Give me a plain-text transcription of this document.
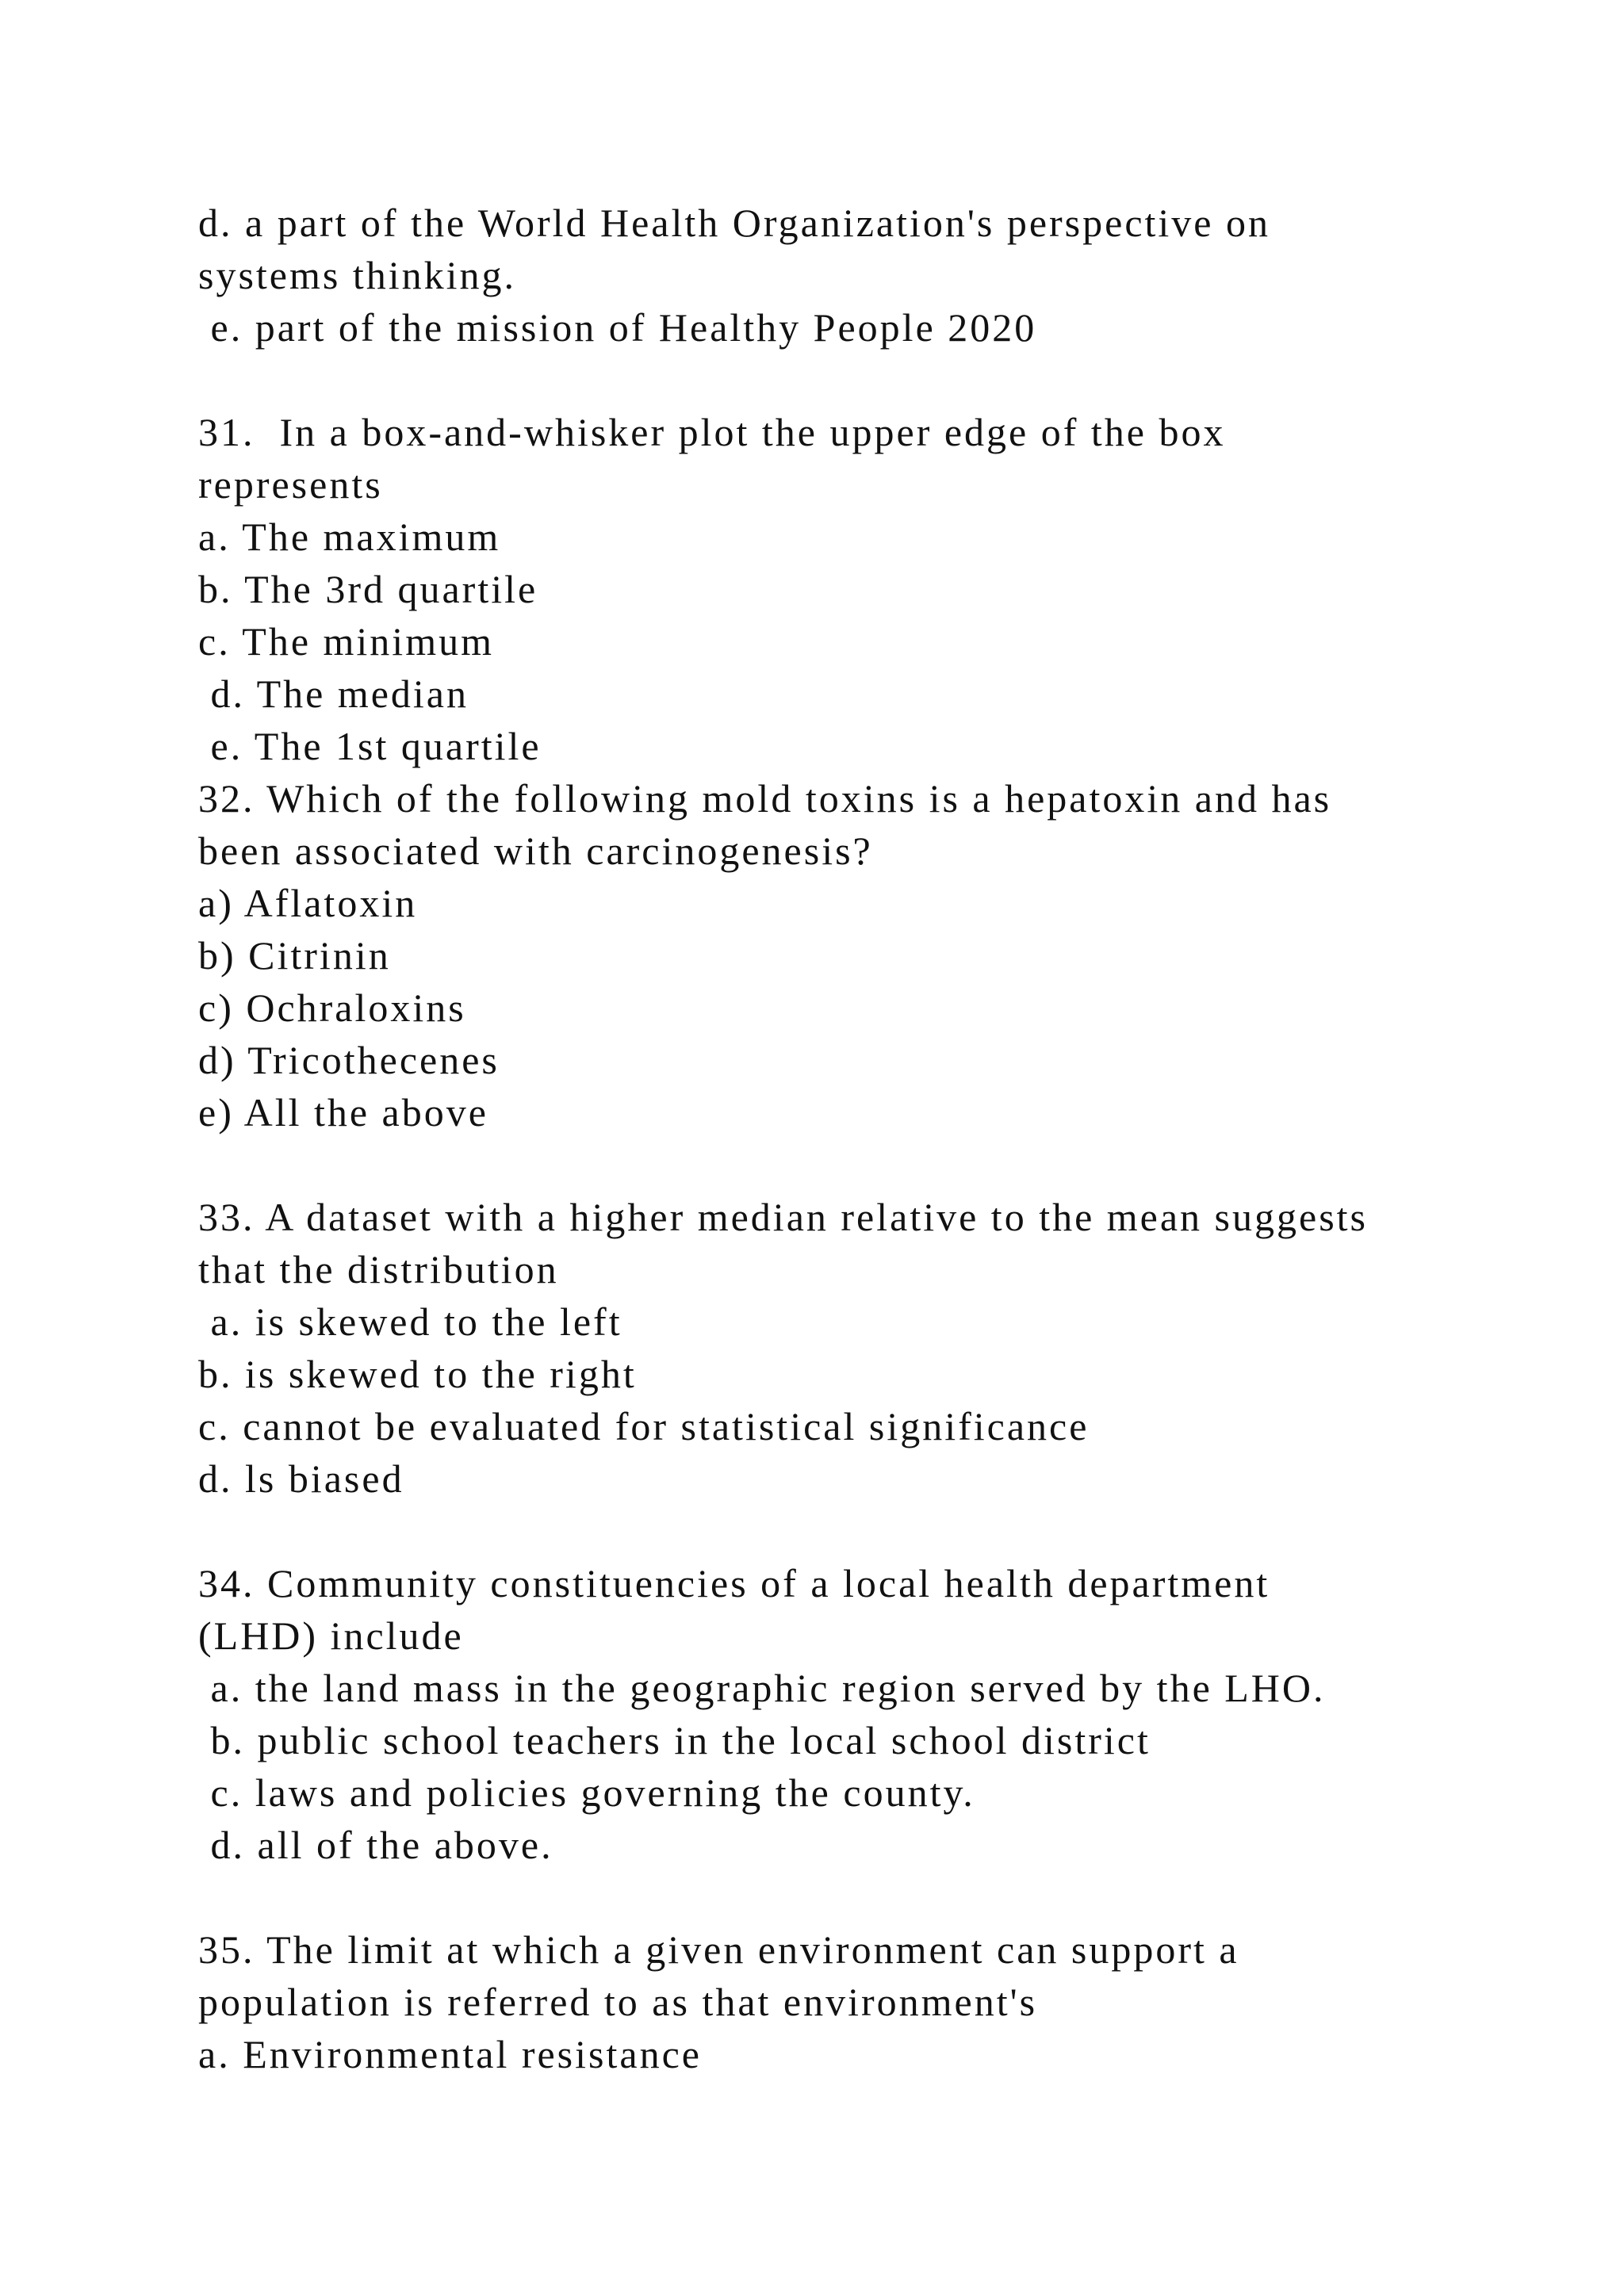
d. a part of the World Health Organization's perspective on
systems thinking.
e. part of the mission of Healthy People 2020
31.  In a box-and-whisker plot the upper edge of the box
represents
a. The maximum
b. The 3rd quartile
c. The minimum
d. The median
e. The 1st quartile
32. Which of the following mold toxins is a hepatoxin and has
been associated with carcinogenesis?
a) Aflatoxin
b) Citrinin
c) Ochraloxins
d) Tricothecenes
e) All the above
33. A dataset with a higher median relative to the mean suggests
that the distribution
a. is skewed to the left
b. is skewed to the right
c. cannot be evaluated for statistical significance
d. ls biased
34. Community constituencies of a local health department
(LHD) include
a. the land mass in the geographic region served by the LHO.
b. public school teachers in the local school district
c. laws and policies governing the county.
d. all of the above.
35. The limit at which a given environment can support a
population is referred to as that environment's
a. Environmental resistance
